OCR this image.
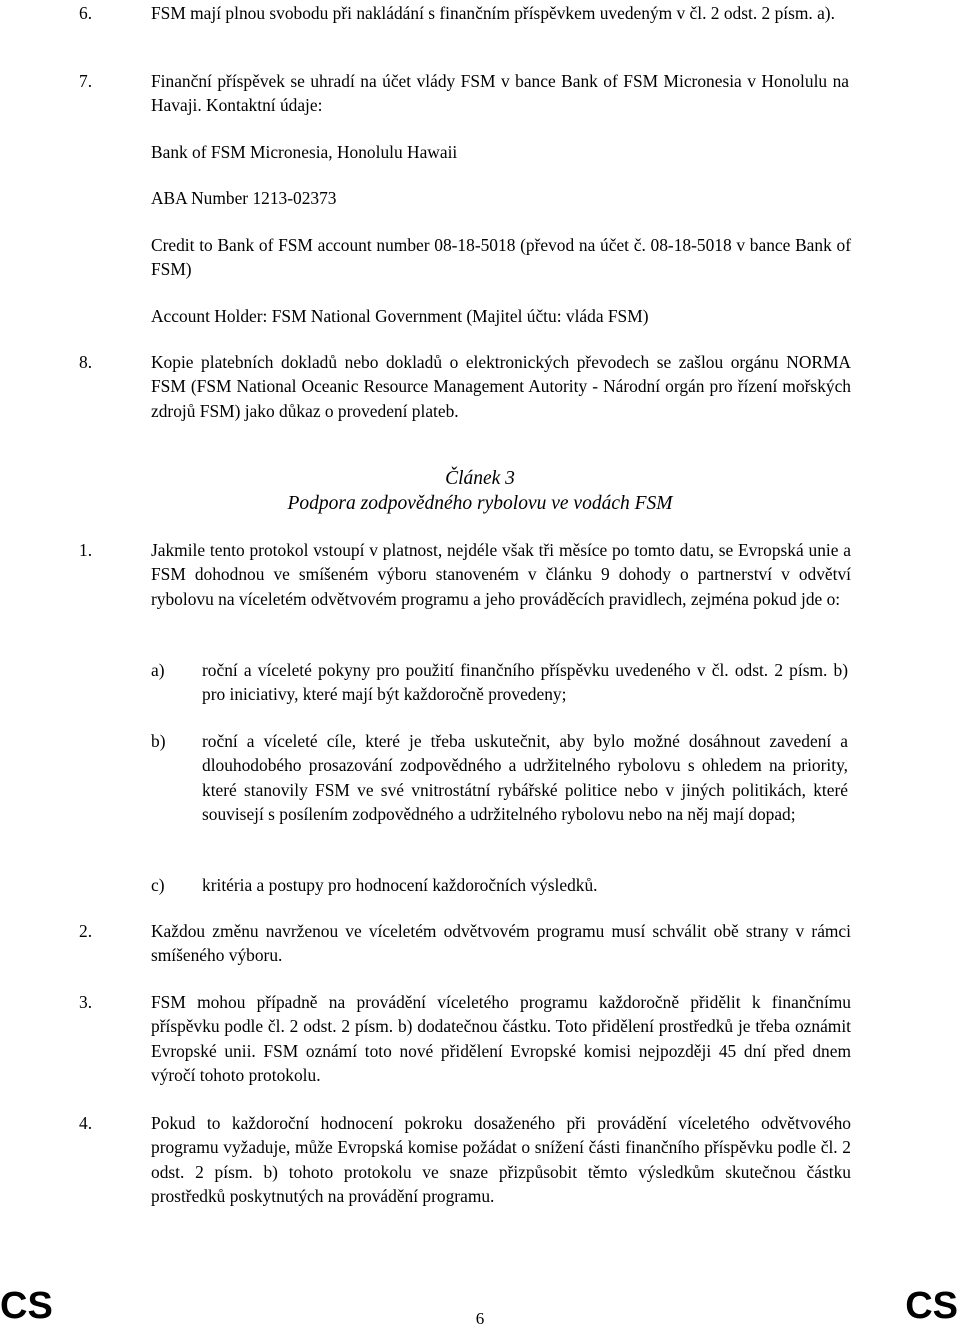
6.	FSM mají plnou svobodu při nakládání s finančním příspěvkem uvedeným v čl. 2 odst. 2 písm. a).
7.	Finanční příspěvek se uhradí na účet vlády FSM v bance Bank of FSM Micronesia v Honolulu na Havaji. Kontaktní údaje:
Bank of FSM Micronesia, Honolulu Hawaii
ABA Number 1213-02373
Credit to Bank of FSM account number 08-18-5018 (převod na účet č. 08-18-5018 v bance Bank of FSM)
Account Holder: FSM National Government (Majitel účtu: vláda FSM)
8.	Kopie platebních dokladů nebo dokladů o elektronických převodech se zašlou orgánu NORMA FSM (FSM National Oceanic Resource Management Autority - Národní orgán pro řízení mořských zdrojů FSM) jako důkaz o provedení plateb.
Článek 3
Podpora zodpovědného rybolovu ve vodách FSM
1.	Jakmile tento protokol vstoupí v platnost, nejdéle však tři měsíce po tomto datu, se Evropská unie a FSM dohodnou ve smíšeném výboru stanoveném v článku 9 dohody o partnerství v odvětví rybolovu na víceletém odvětvovém programu a jeho prováděcích pravidlech, zejména pokud jde o:
a) roční a víceleté pokyny pro použití finančního příspěvku uvedeného v čl. odst. 2 písm. b) pro iniciativy, které mají být každoročně provedeny;
b) roční a víceleté cíle, které je třeba uskutečnit, aby bylo možné dosáhnout zavedení a dlouhodobého prosazování zodpovědného a udržitelného rybolovu s ohledem na priority, které stanovily FSM ve své vnitrostátní rybářské politice nebo v jiných politikách, které souvisejí s posílením zodpovědného a udržitelného rybolovu nebo na něj mají dopad;
c) kritéria a postupy pro hodnocení každoročních výsledků.
2.	Každou změnu navrženou ve víceletém odvětvovém programu musí schválit obě strany v rámci smíšeného výboru.
3.	FSM mohou případně na provádění víceletého programu každoročně přidělit k finančnímu příspěvku podle čl. 2 odst. 2 písm. b) dodatečnou částku. Toto přidělení prostředků je třeba oznámit Evropské unii. FSM oznámí toto nové přidělení Evropské komisi nejpozději 45 dní před dnem výročí tohoto protokolu.
4.	Pokud to každoroční hodnocení pokroku dosaženého při provádění víceletého odvětvového programu vyžaduje, může Evropská komise požádat o snížení části finančního příspěvku podle čl. 2 odst. 2 písm. b) tohoto protokolu ve snaze přizpůsobit těmto výsledkům skutečnou částku prostředků poskytnutých na provádění programu.
CS	6	CS
